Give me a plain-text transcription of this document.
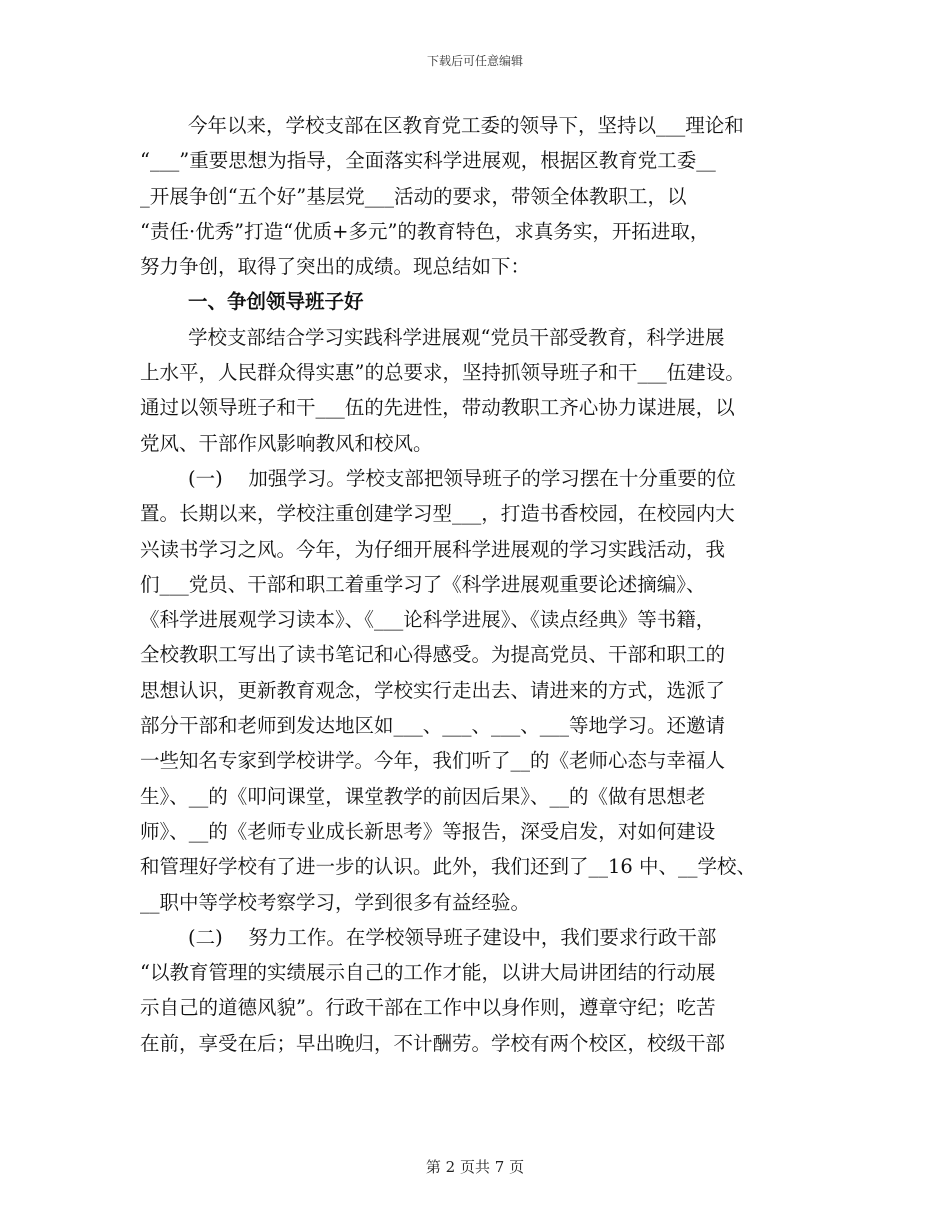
下载后可任意编辑
今年以来，学校支部在区教育党工委的领导下，坚持以___理论和
“___”重要思想为指导，全面落实科学进展观，根据区教育党工委__
_开展争创“五个好”基层党___活动的要求，带领全体教职工，以
“责任·优秀”打造“优质+多元”的教育特色，求真务实，开拓进取，
努力争创，取得了突出的成绩。现总结如下：
一、争创领导班子好
学校支部结合学习实践科学进展观“党员干部受教育，科学进展
上水平，人民群众得实惠”的总要求，坚持抓领导班子和干___伍建设。
通过以领导班子和干___伍的先进性，带动教职工齐心协力谋进展，以
党风、干部作风影响教风和校风。
(一)　 加强学习。学校支部把领导班子的学习摆在十分重要的位
置。长期以来，学校注重创建学习型___，打造书香校园，在校园内大
兴读书学习之风。今年，为仔细开展科学进展观的学习实践活动，我
们___党员、干部和职工着重学习了《科学进展观重要论述摘编》、
《科学进展观学习读本》、《___论科学进展》、《读点经典》等书籍，
全校教职工写出了读书笔记和心得感受。为提高党员、干部和职工的
思想认识，更新教育观念，学校实行走出去、请进来的方式，选派了
部分干部和老师到发达地区如___、___、___、___等地学习。还邀请
一些知名专家到学校讲学。今年，我们听了__的《老师心态与幸福人
生》、__的《叩问课堂，课堂教学的前因后果》、__的《做有思想老
师》、__的《老师专业成长新思考》等报告，深受启发，对如何建设
和管理好学校有了进一步的认识。此外，我们还到了__16 中、__学校、
__职中等学校考察学习，学到很多有益经验。
(二)　 努力工作。在学校领导班子建设中，我们要求行政干部
“以教育管理的实绩展示自己的工作才能，以讲大局讲团结的行动展
示自己的道德风貌”。行政干部在工作中以身作则，遵章守纪；吃苦
在前，享受在后；早出晚归，不计酬劳。学校有两个校区，校级干部
第 2 页共 7 页
